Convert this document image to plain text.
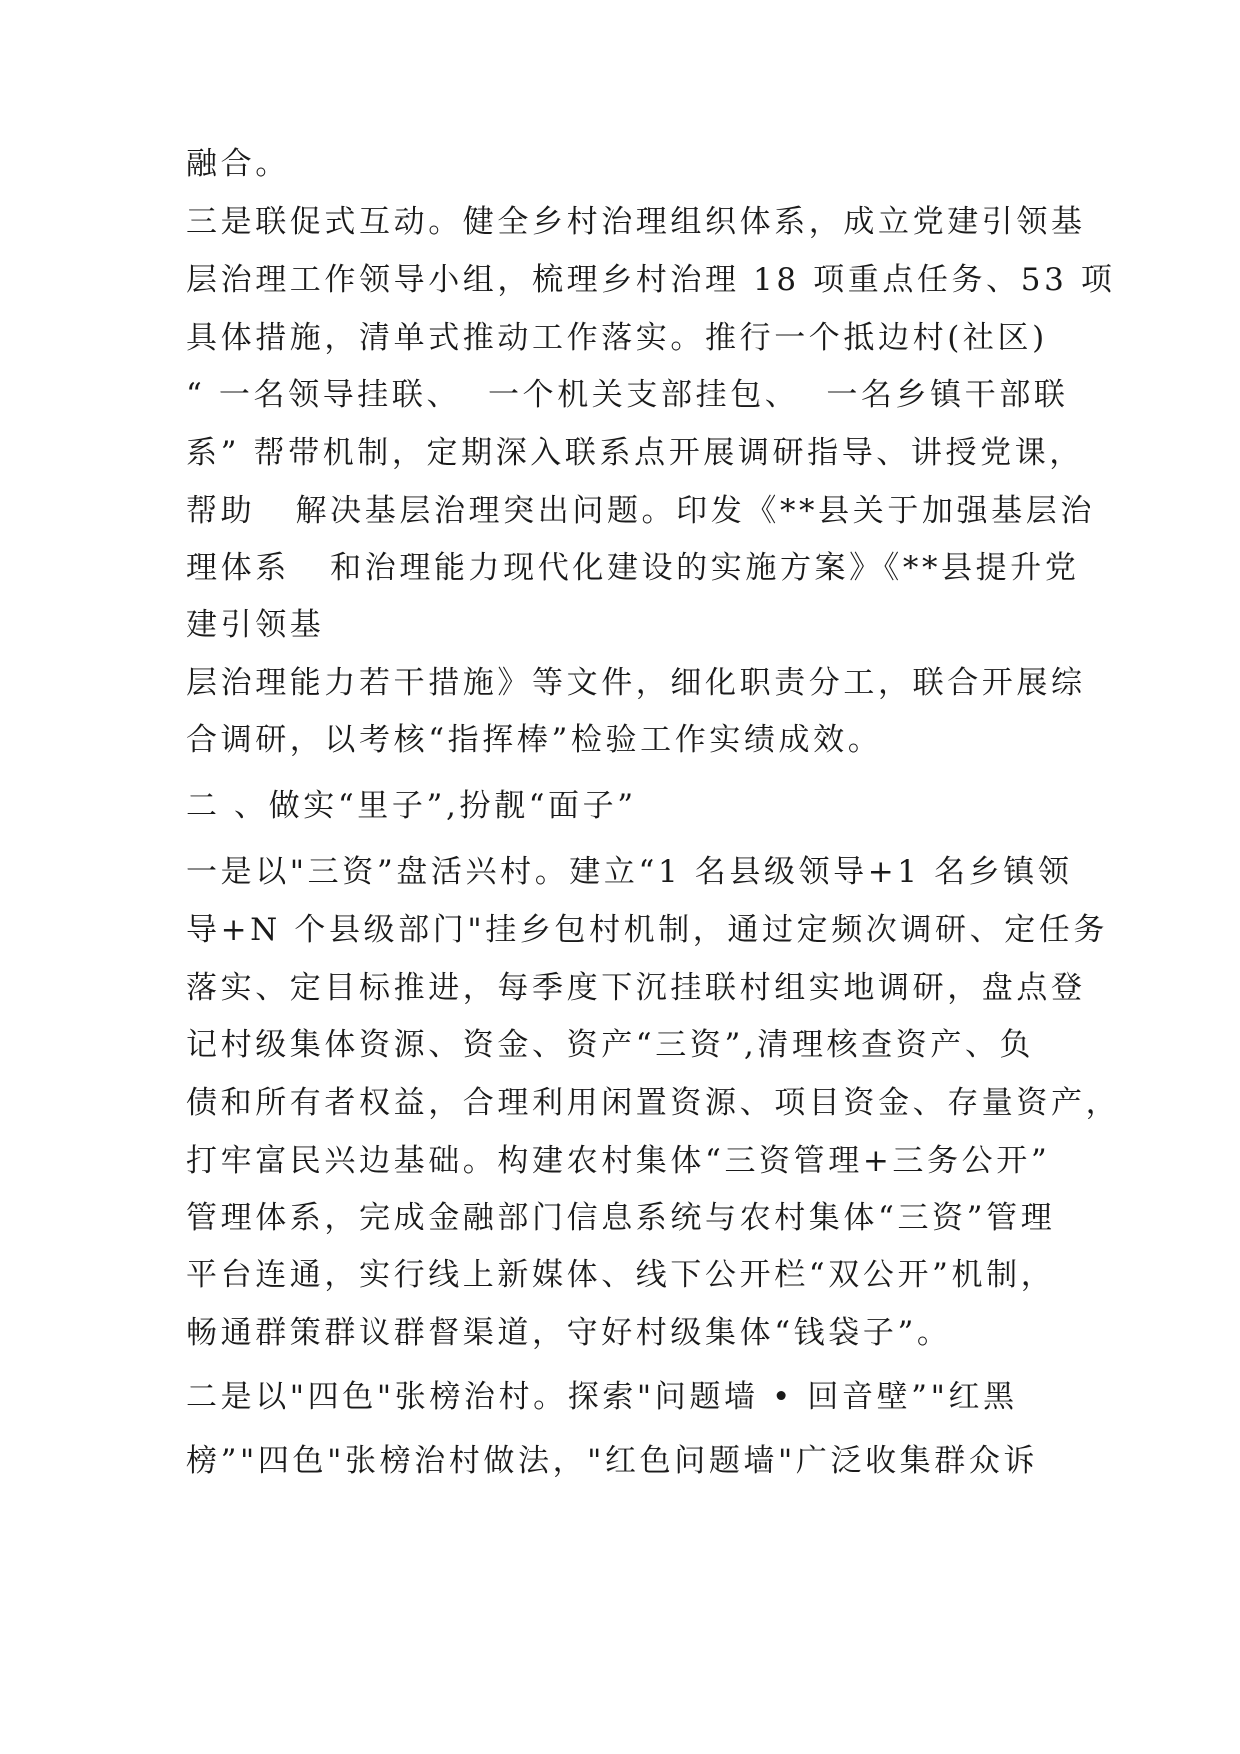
融合。

三是联促式互动。健全乡村治理组织体系，成立党建引领基

层治理工作领导小组，梳理乡村治理 18 项重点任务、53 项

具体措施，清单式推动工作落实。推行一个抵边村(社区)

“ 一名领导挂联、  一个机关支部挂包、  一名乡镇干部联

系” 帮带机制，定期深入联系点开展调研指导、讲授党课，

帮助   解决基层治理突出问题。印发《**县关于加强基层治

理体系   和治理能力现代化建设的实施方案》《**县提升党

建引领基

层治理能力若干措施》等文件，细化职责分工，联合开展综

合调研，以考核“指挥棒”检验工作实绩成效。

二 、做实“里子”,扮靓“面子”

一是以"三资”盘活兴村。建立“1 名县级领导+1 名乡镇领

导+N 个县级部门"挂乡包村机制，通过定频次调研、定任务

落实、定目标推进，每季度下沉挂联村组实地调研，盘点登

记村级集体资源、资金、资产“三资”,清理核查资产、负

债和所有者权益，合理利用闲置资源、项目资金、存量资产，

打牢富民兴边基础。构建农村集体“三资管理+三务公开”

管理体系，完成金融部门信息系统与农村集体“三资”管理

平台连通，实行线上新媒体、线下公开栏“双公开”机制，

畅通群策群议群督渠道，守好村级集体“钱袋子”。

二是以"四色"张榜治村。探索"问题墙 • 回音壁”"红黑

榜”"四色"张榜治村做法，"红色问题墙"广泛收集群众诉
